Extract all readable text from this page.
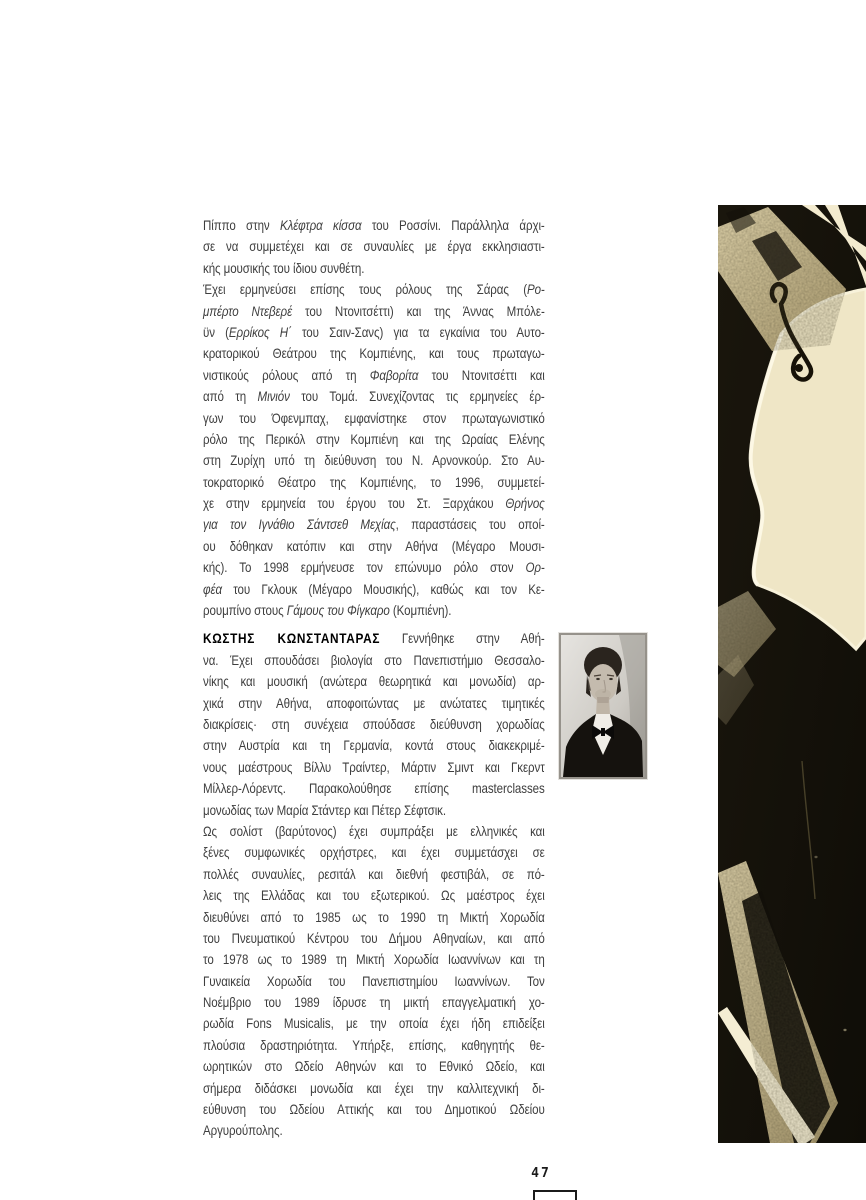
Πίππο στην Κλέφτρα κίσσα του Ροσσίνι. Παράλληλα άρχι-
σε να συμμετέχει και σε συναυλίες με έργα εκκλησιαστι-
κής μουσικής του ίδιου συνθέτη.
Έχει ερμηνεύσει επίσης τους ρόλους της Σάρας (Ρο-
μπέρτο Ντεβερέ του Ντονιτσέττι) και της Άννας Μπόλε-
ϋν (Ερρίκος Η΄ του Σαιν-Σανς) για τα εγκαίνια του Αυτο-
κρατορικού Θεάτρου της Κομπιένης, και τους πρωταγω-
νιστικούς ρόλους από τη Φαβορίτα του Ντονιτσέττι και
από τη Μινιόν του Τομά. Συνεχίζοντας τις ερμηνείες έρ-
γων του Όφενμπαχ, εμφανίστηκε στον πρωταγωνιστικό
ρόλο της Περικόλ στην Κομπιένη και της Ωραίας Ελένης
στη Ζυρίχη υπό τη διεύθυνση του Ν. Αρνονκούρ. Στο Αυ-
τοκρατορικό Θέατρο της Κομπιένης, το 1996, συμμετεί-
χε στην ερμηνεία του έργου του Στ. Ξαρχάκου Θρήνος
για τον Ιγνάθιο Σάντσεθ Μεχίας, παραστάσεις του οποί-
ου δόθηκαν κατόπιν και στην Αθήνα (Μέγαρο Μουσι-
κής). Το 1998 ερμήνευσε τον επώνυμο ρόλο στον Ορ-
φέα του Γκλουκ (Μέγαρο Μουσικής), καθώς και τον Κε-
ρουμπίνο στους Γάμους του Φίγκαρο (Κομπιένη).
ΚΩΣΤΗΣ ΚΩΝΣΤΑΝΤΑΡΑΣ Γεννήθηκε στην Αθή-
να. Έχει σπουδάσει βιολογία στο Πανεπιστήμιο Θεσσαλο-
νίκης και μουσική (ανώτερα θεωρητικά και μονωδία) αρ-
χικά στην Αθήνα, αποφοιτώντας με ανώτατες τιμητικές
διακρίσεις· στη συνέχεια σπούδασε διεύθυνση χορωδίας
στην Αυστρία και τη Γερμανία, κοντά στους διακεκριμέ-
νους μαέστρους Βίλλυ Τραίντερ, Μάρτιν Σμιντ και Γκερντ
Μίλλερ-Λόρεντς. Παρακολούθησε επίσης masterclasses
μονωδίας των Μαρία Στάντερ και Πέτερ Σέφτσικ.
Ως σολίστ (βαρύτονος) έχει συμπράξει με ελληνικές και
ξένες συμφωνικές ορχήστρες, και έχει συμμετάσχει σε
πολλές συναυλίες, ρεσιτάλ και διεθνή φεστιβάλ, σε πό-
λεις της Ελλάδας και του εξωτερικού. Ως μαέστρος έχει
διευθύνει από το 1985 ως το 1990 τη Μικτή Χορωδία
του Πνευματικού Κέντρου του Δήμου Αθηναίων, και από
το 1978 ως το 1989 τη Μικτή Χορωδία Ιωαννίνων και τη
Γυναικεία Χορωδία του Πανεπιστημίου Ιωαννίνων. Τον
Νοέμβριο του 1989 ίδρυσε τη μικτή επαγγελματική χο-
ρωδία Fons Musicalis, με την οποία έχει ήδη επιδείξει
πλούσια δραστηριότητα. Υπήρξε, επίσης, καθηγητής θε-
ωρητικών στο Ωδείο Αθηνών και το Εθνικό Ωδείο, και
σήμερα διδάσκει μονωδία και έχει την καλλιτεχνική δι-
εύθυνση του Ωδείου Αττικής και του Δημοτικού Ωδείου
Αργυρούπολης.
47
